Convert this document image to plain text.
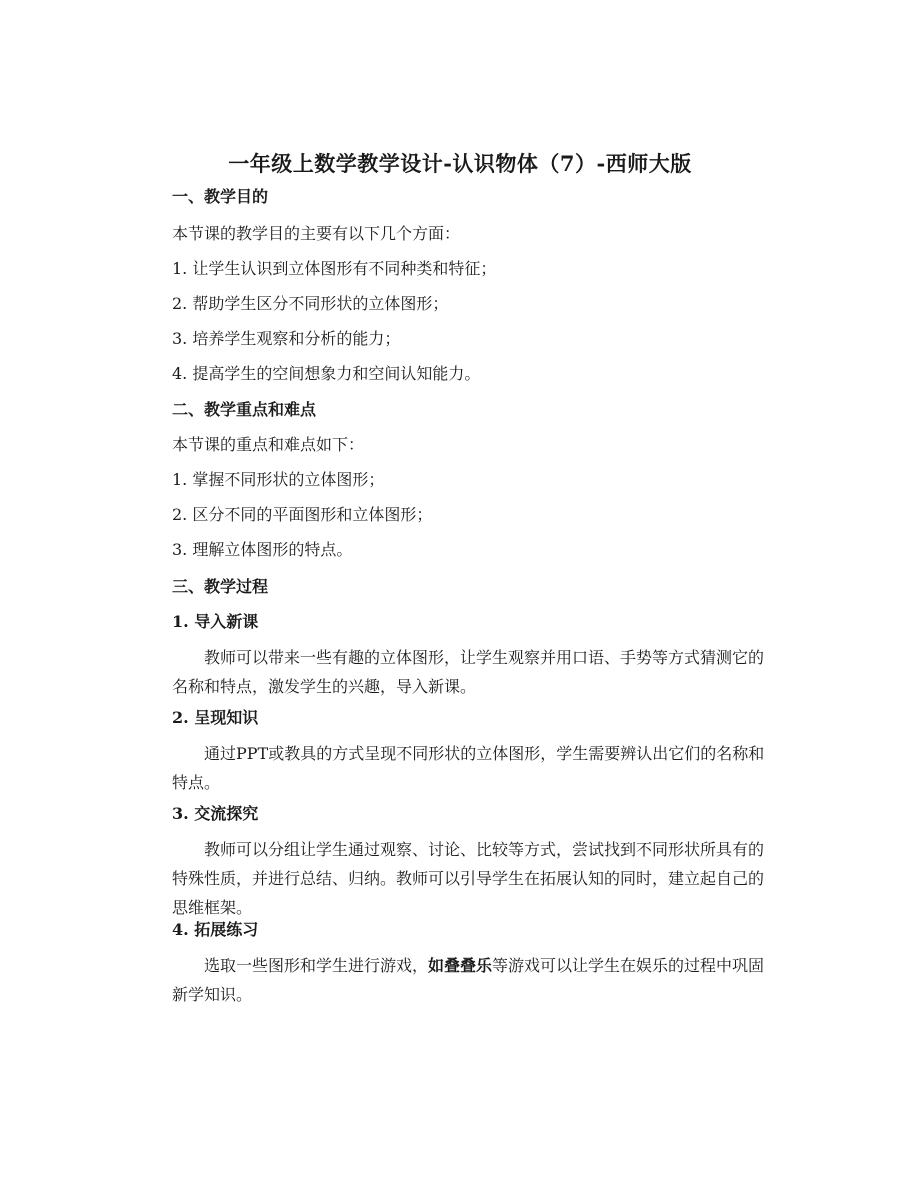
一年级上数学教学设计-认识物体（7）-西师大版
一、教学目的
本节课的教学目的主要有以下几个方面：
1. 让学生认识到立体图形有不同种类和特征；
2. 帮助学生区分不同形状的立体图形；
3. 培养学生观察和分析的能力；
4. 提高学生的空间想象力和空间认知能力。
二、教学重点和难点
本节课的重点和难点如下：
1. 掌握不同形状的立体图形；
2. 区分不同的平面图形和立体图形；
3. 理解立体图形的特点。
三、教学过程
1. 导入新课
教师可以带来一些有趣的立体图形，让学生观察并用口语、手势等方式猜测它的名称和特点，激发学生的兴趣，导入新课。
2. 呈现知识
通过PPT或教具的方式呈现不同形状的立体图形，学生需要辨认出它们的名称和特点。
3. 交流探究
教师可以分组让学生通过观察、讨论、比较等方式，尝试找到不同形状所具有的特殊性质，并进行总结、归纳。教师可以引导学生在拓展认知的同时，建立起自己的思维框架。
4. 拓展练习
选取一些图形和学生进行游戏，如叠叠乐等游戏可以让学生在娱乐的过程中巩固新学知识。
